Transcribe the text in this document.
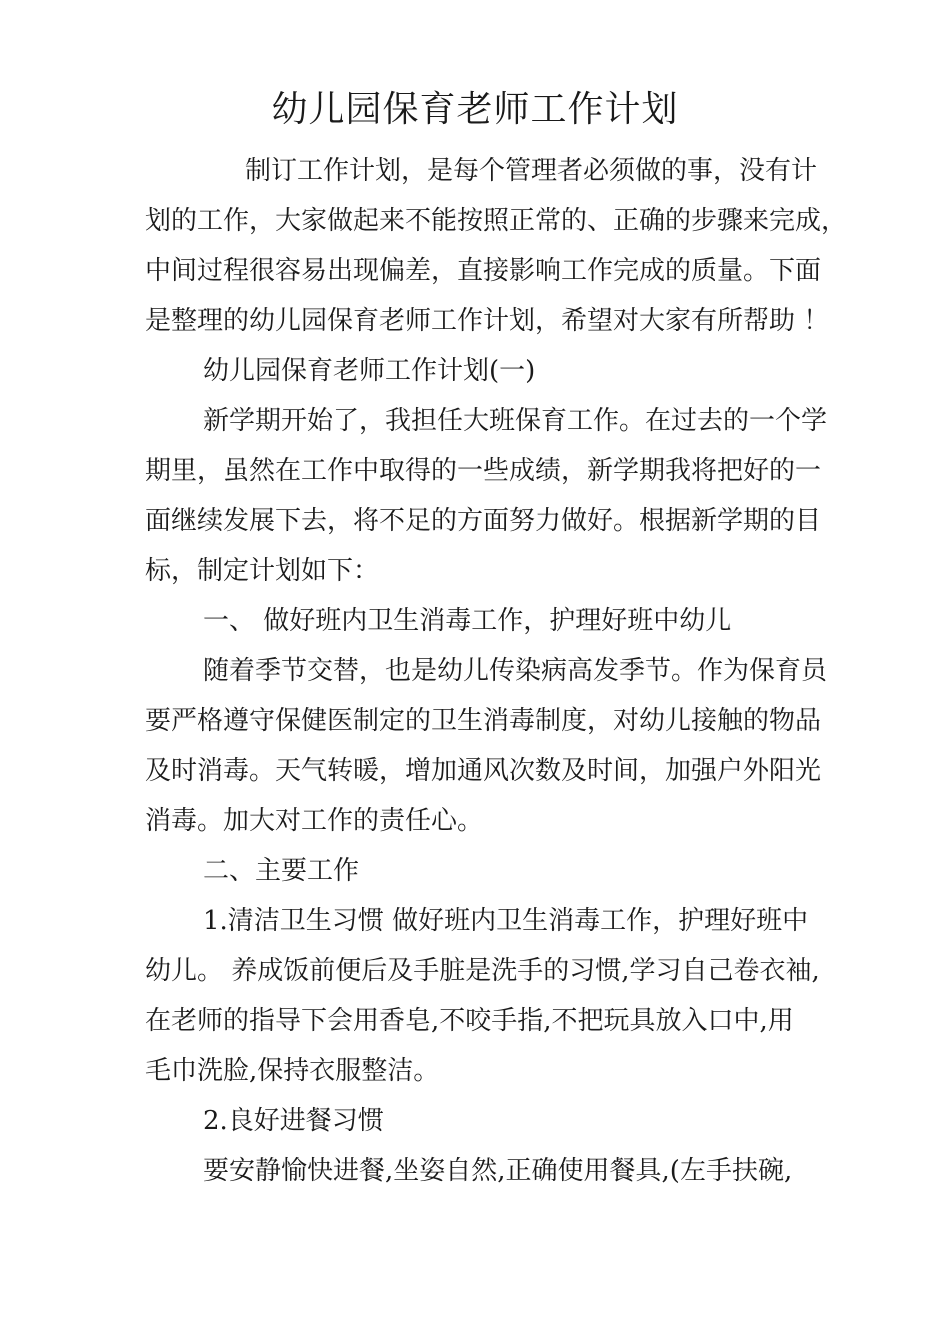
幼儿园保育老师工作计划
制订工作计划，是每个管理者必须做的事，没有计
划的工作，大家做起来不能按照正常的、正确的步骤来完成，
中间过程很容易出现偏差，直接影响工作完成的质量。下面
是整理的幼儿园保育老师工作计划，希望对大家有所帮助 ！
幼儿园保育老师工作计划(一)
新学期开始了，我担任大班保育工作。在过去的一个学
期里，虽然在工作中取得的一些成绩，新学期我将把好的一
面继续发展下去，将不足的方面努力做好。根据新学期的目
标，制定计划如下：
一、 做好班内卫生消毒工作，护理好班中幼儿
随着季节交替，也是幼儿传染病高发季节。作为保育员
要严格遵守保健医制定的卫生消毒制度，对幼儿接触的物品
及时消毒。天气转暖，增加通风次数及时间，加强户外阳光
消毒。加大对工作的责任心。
二、主要工作
1.清洁卫生习惯 做好班内卫生消毒工作，护理好班中
幼儿。 养成饭前便后及手脏是洗手的习惯,学习自己卷衣袖,
在老师的指导下会用香皂,不咬手指,不把玩具放入口中,用
毛巾洗脸,保持衣服整洁。
2.良好进餐习惯
要安静愉快进餐,坐姿自然,正确使用餐具,(左手扶碗,
